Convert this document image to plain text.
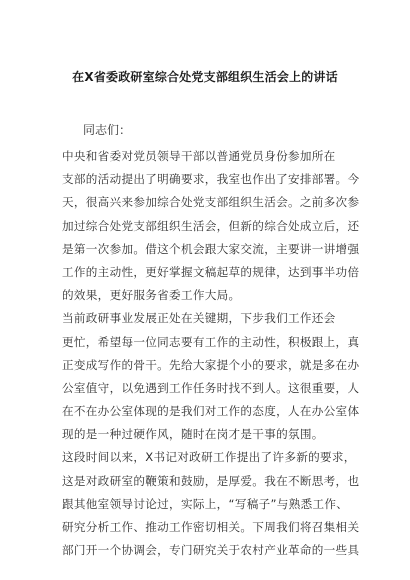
在X省委政研室综合处党支部组织生活会上的讲话
同志们：
中央和省委对党员领导干部以普通党员身份参加所在
支部的活动提出了明确要求，我室也作出了安排部署。今
天，很高兴来参加综合处党支部组织生活会。之前多次参
加过综合处党支部组织生活会，但新的综合处成立后，还
是第一次参加。借这个机会跟大家交流，主要讲一讲增强
工作的主动性，更好掌握文稿起草的规律，达到事半功倍
的效果，更好服务省委工作大局。
当前政研事业发展正处在关键期，下步我们工作还会
更忙，希望每一位同志要有工作的主动性，积极跟上，真
正变成写作的骨干。先给大家提个小的要求，就是多在办
公室值守，以免遇到工作任务时找不到人。这很重要，人
在不在办公室体现的是我们对工作的态度，人在办公室体
现的是一种过硬作风，随时在岗才是干事的氛围。
这段时间以来，X书记对政研工作提出了许多新的要求，
这是对政研室的鞭策和鼓励，是厚爱。我在不断思考，也
跟其他室领导讨论过，实际上，“写稿子”与熟悉工作、
研究分析工作、推动工作密切相关。下周我们将召集相关
部门开一个协调会，专门研究关于农村产业革命的一些具
